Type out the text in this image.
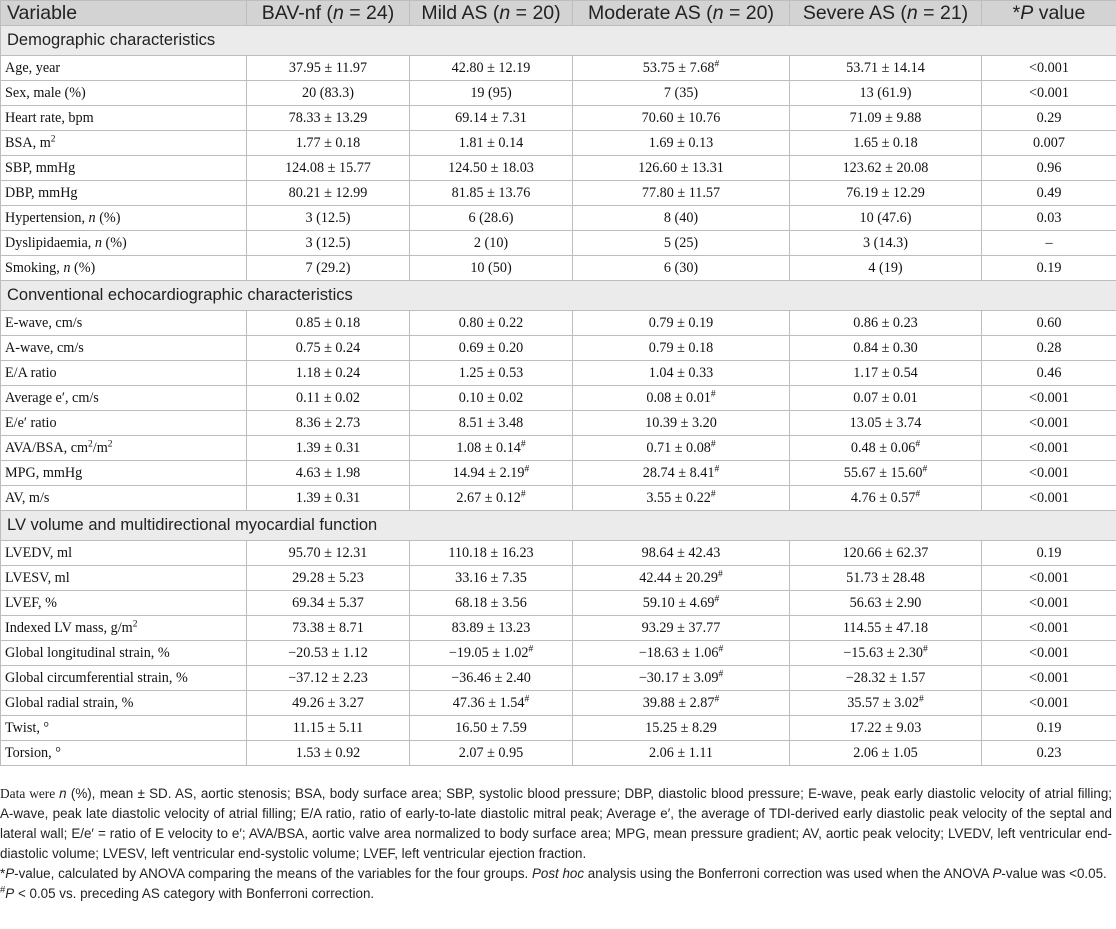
Variable	BAV-nf (n = 24)	Mild AS (n = 20)	Moderate AS (n = 20)	Severe AS (n = 21)	*P value
Demographic characteristics					
Age, year	37.95 ± 11.97	42.80 ± 12.19	53.75 ± 7.68#	53.71 ± 14.14	<0.001
Sex, male (%)	20 (83.3)	19 (95)	7 (35)	13 (61.9)	<0.001
Heart rate, bpm	78.33 ± 13.29	69.14 ± 7.31	70.60 ± 10.76	71.09 ± 9.88	0.29
BSA, $m^2$	1.77 ± 0.18	1.81 ± 0.14	1.69 ± 0.13	1.65 ± 0.18	0.007
SBP, mmHg	124.08 ± 15.77	124.50 ± 18.03	126.60 ± 13.31	123.62 ± 20.08	0.96
DBP, mmHg	80.21 ± 12.99	81.85 ± 13.76	77.80 ± 11.57	76.19 ± 12.29	0.49
Hypertension, n (%)	3 (12.5)	6 (28.6)	8 (40)	10 (47.6)	0.03
Dyslipidaemia, n (%)	3 (12.5)	2 (10)	5 (25)	3 (14.3)	–
Smoking, n (%)	7 (29.2)	10 (50)	6 (30)	4 (19)	0.19
Conventional echocardiographic characteristics					
E-wave, cm/s	0.85 ± 0.18	0.80 ± 0.22	0.79 ± 0.19	0.86 ± 0.23	0.60
A-wave, cm/s	0.75 ± 0.24	0.69 ± 0.20	0.79 ± 0.18	0.84 ± 0.30	0.28
E/A ratio	1.18 ± 0.24	1.25 ± 0.53	1.04 ± 0.33	1.17 ± 0.54	0.46
Average e′, cm/s	0.11 ± 0.02	0.10 ± 0.02	0.08 ± 0.01#	0.07 ± 0.01	<0.001
E/e′ ratio	8.36 ± 2.73	8.51 ± 3.48	10.39 ± 3.20	13.05 ± 3.74	<0.001
AVA/BSA, $cm^2/m^2$	1.39 ± 0.31	1.08 ± 0.14#	0.71 ± 0.08#	0.48 ± 0.06#	<0.001
MPG, mmHg	4.63 ± 1.98	14.94 ± 2.19#	28.74 ± 8.41#	55.67 ± 15.60#	<0.001
AV, m/s	1.39 ± 0.31	2.67 ± 0.12#	3.55 ± 0.22#	4.76 ± 0.57#	<0.001
LV volume and multidirectional myocardial function					
LVEDV, ml	95.70 ± 12.31	110.18 ± 16.23	98.64 ± 42.43	120.66 ± 62.37	0.19
LVESV, ml	29.28 ± 5.23	33.16 ± 7.35	42.44 ± 20.29#	51.73 ± 28.48	<0.001
LVEF, %	69.34 ± 5.37	68.18 ± 3.56	59.10 ± 4.69#	56.63 ± 2.90	<0.001
Indexed LV mass, $g/m^2$	73.38 ± 8.71	83.89 ± 13.23	93.29 ± 37.77	114.55 ± 47.18	<0.001
Global longitudinal strain, %	−20.53 ± 1.12	−19.05 ± 1.02#	−18.63 ± 1.06#	−15.63 ± 2.30#	<0.001
Global circumferential strain, %	−37.12 ± 2.23	−36.46 ± 2.40	−30.17 ± 3.09#	−28.32 ± 1.57	<0.001
Global radial strain, %	49.26 ± 3.27	47.36 ± 1.54#	39.88 ± 2.87#	35.57 ± 3.02#	<0.001
Twist, °	11.15 ± 5.11	16.50 ± 7.59	15.25 ± 8.29	17.22 ± 9.03	0.19
Torsion, °	1.53 ± 0.92	2.07 ± 0.95	2.06 ± 1.11	2.06 ± 1.05	0.23

Data were n (%), mean ± SD. AS, aortic stenosis; BSA, body surface area; SBP, systolic blood pressure; DBP, diastolic blood pressure; E-wave, peak early diastolic velocity of atrial filling; A-wave, peak late diastolic velocity of atrial filling; E/A ratio, ratio of early-to-late diastolic mitral peak; Average e′, the average of TDI-derived early diastolic peak velocity of the septal and lateral wall; E/e′ = ratio of E velocity to e′; AVA/BSA, aortic valve area normalized to body surface area; MPG, mean pressure gradient; AV, aortic peak velocity; LVEDV, left ventricular end-diastolic volume; LVESV, left ventricular end-systolic volume; LVEF, left ventricular ejection fraction.

*P-value, calculated by ANOVA comparing the means of the variables for the four groups. Post hoc analysis using the Bonferroni correction was used when the ANOVA P-value was <0.05.

#P < 0.05 vs. preceding AS category with Bonferroni correction.
